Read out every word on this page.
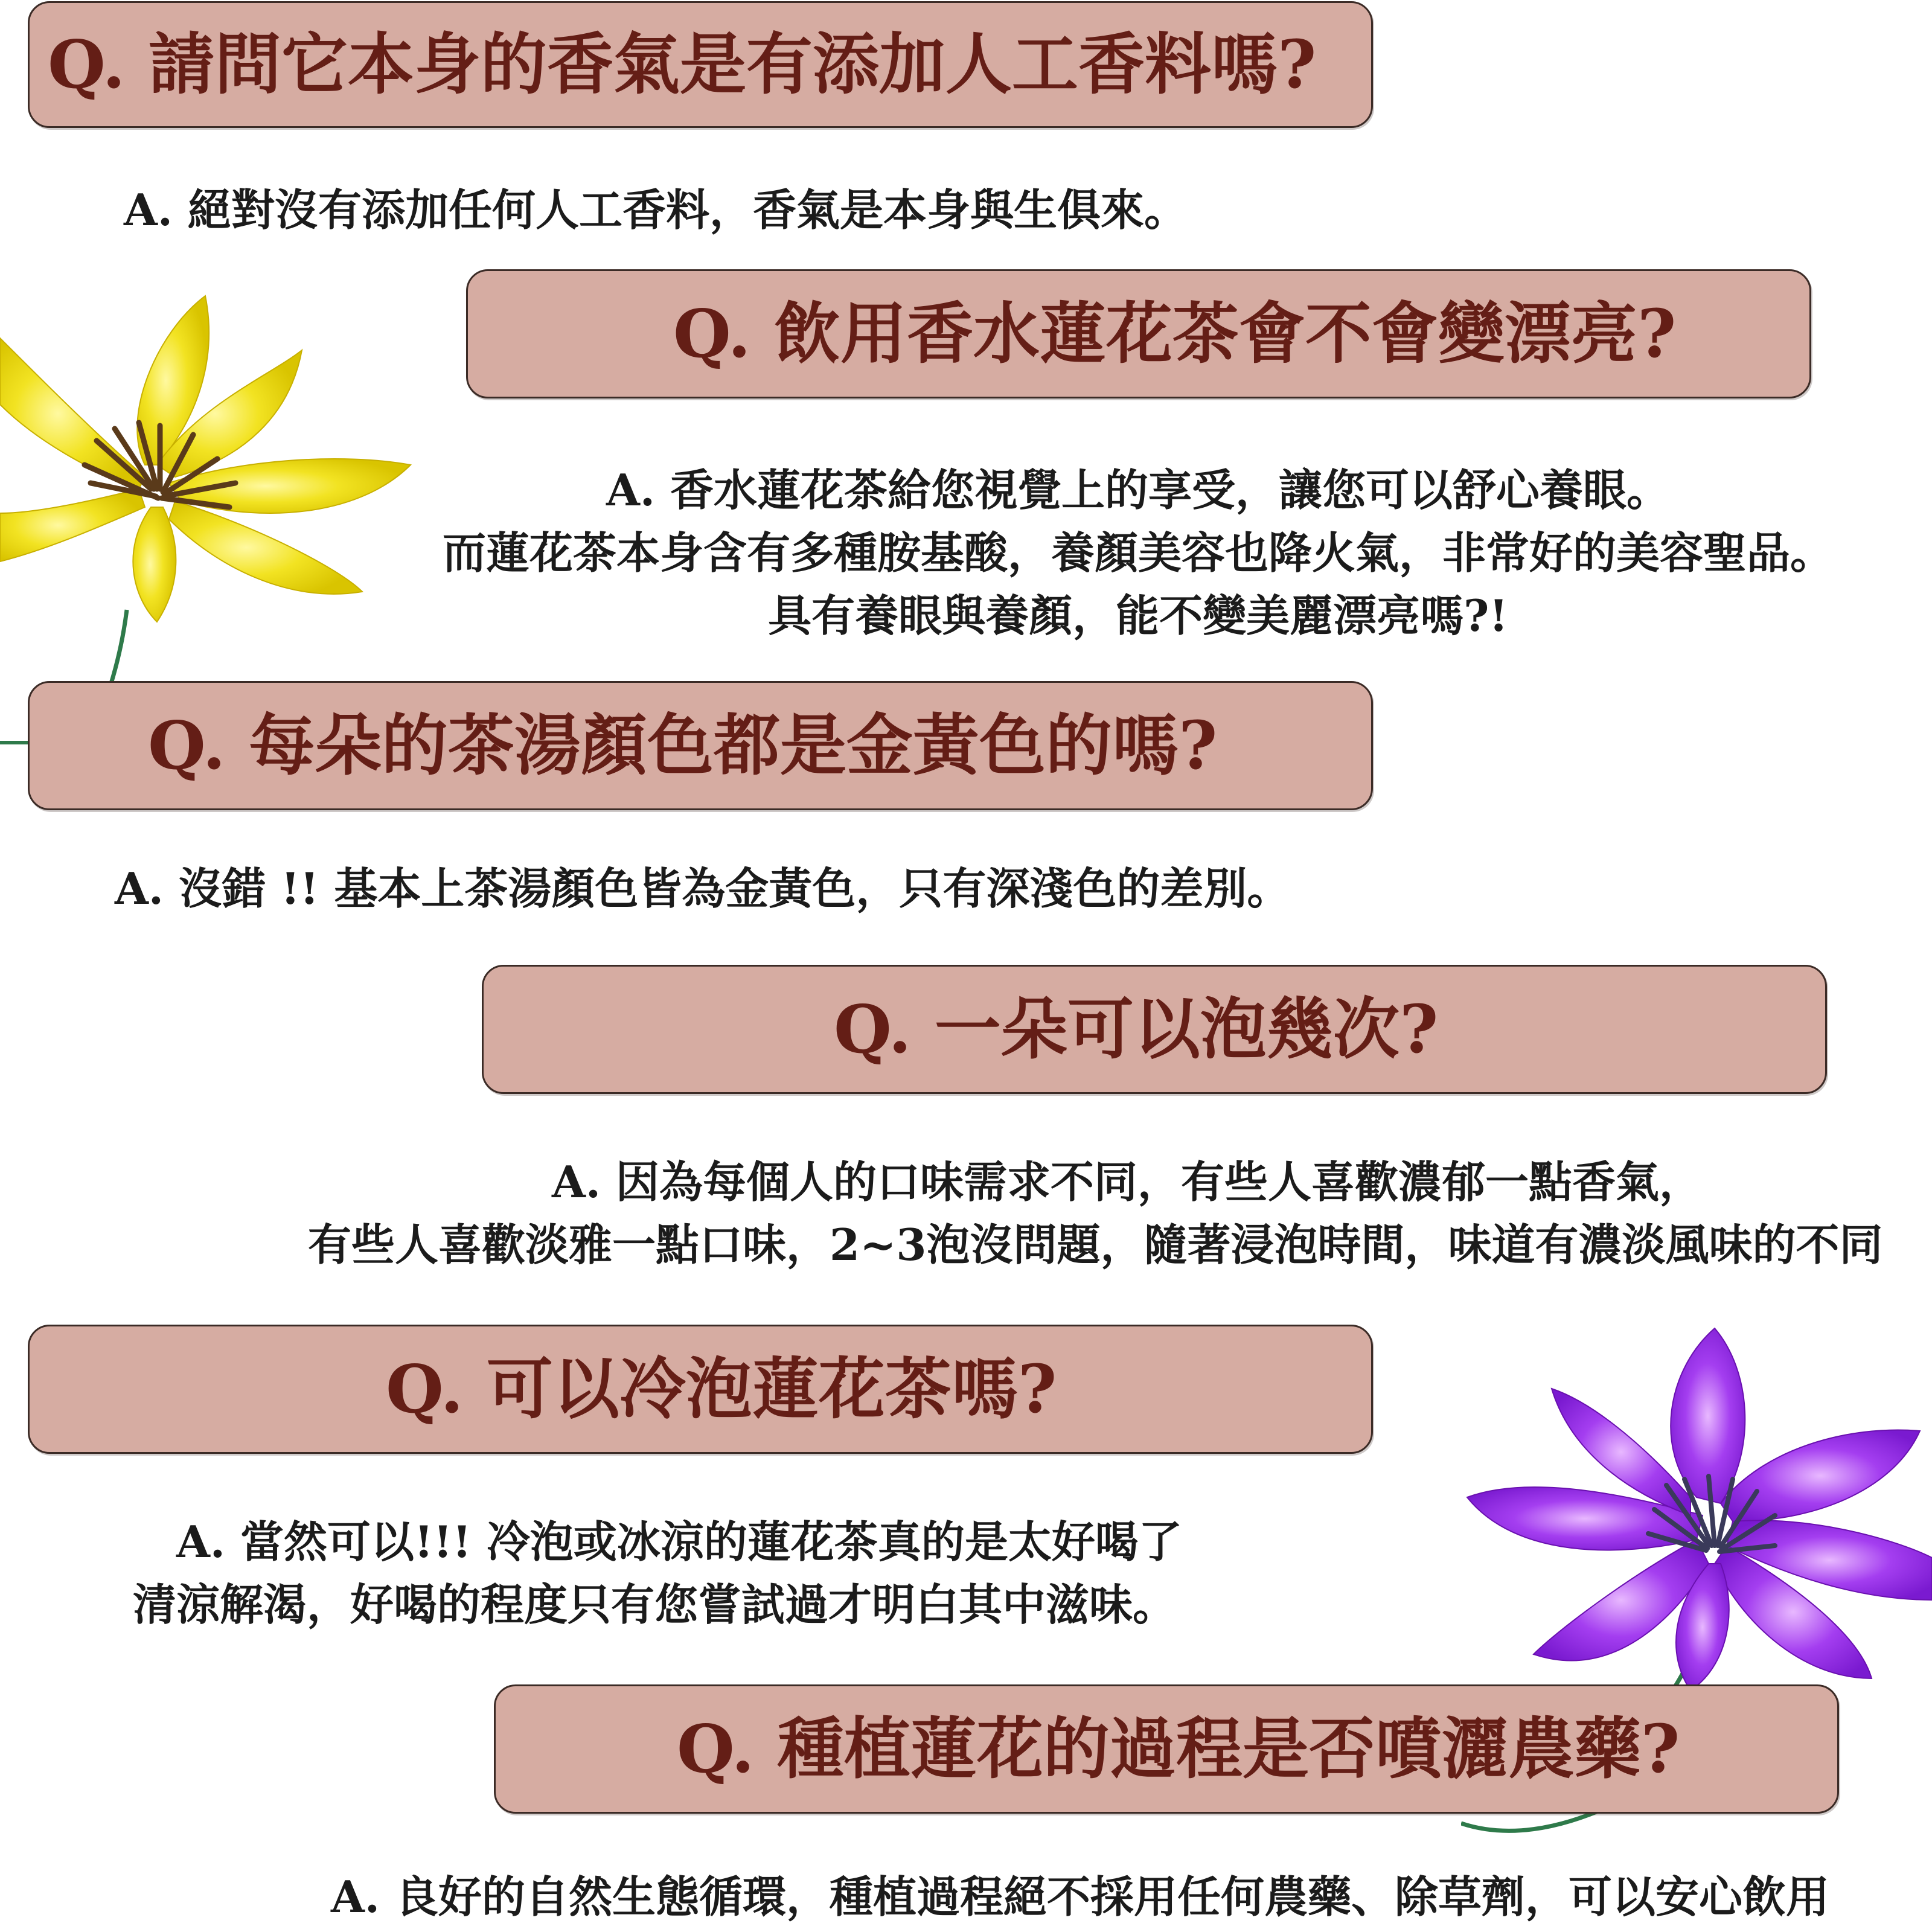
Q. 請問它本身的香氣是有添加人工香料嗎?
A. 絕對沒有添加任何人工香料，香氣是本身與生俱來。
Q. 飲用香水蓮花茶會不會變漂亮?
A. 香水蓮花茶給您視覺上的享受，讓您可以舒心養眼。
而蓮花茶本身含有多種胺基酸，養顏美容也降火氣，非常好的美容聖品。
具有養眼與養顏，能不變美麗漂亮嗎?!
Q. 每朵的茶湯顏色都是金黃色的嗎?
A. 沒錯 !! 基本上茶湯顏色皆為金黃色，只有深淺色的差別。
Q. 一朵可以泡幾次?
A. 因為每個人的口味需求不同，有些人喜歡濃郁一點香氣，
有些人喜歡淡雅一點口味，2~3泡沒問題，隨著浸泡時間，味道有濃淡風味的不同
Q. 可以冷泡蓮花茶嗎?
A. 當然可以!!! 冷泡或冰涼的蓮花茶真的是太好喝了
清涼解渴，好喝的程度只有您嘗試過才明白其中滋味。
Q. 種植蓮花的過程是否噴灑農藥?
A. 良好的自然生態循環，種植過程絕不採用任何農藥、除草劑，可以安心飲用
